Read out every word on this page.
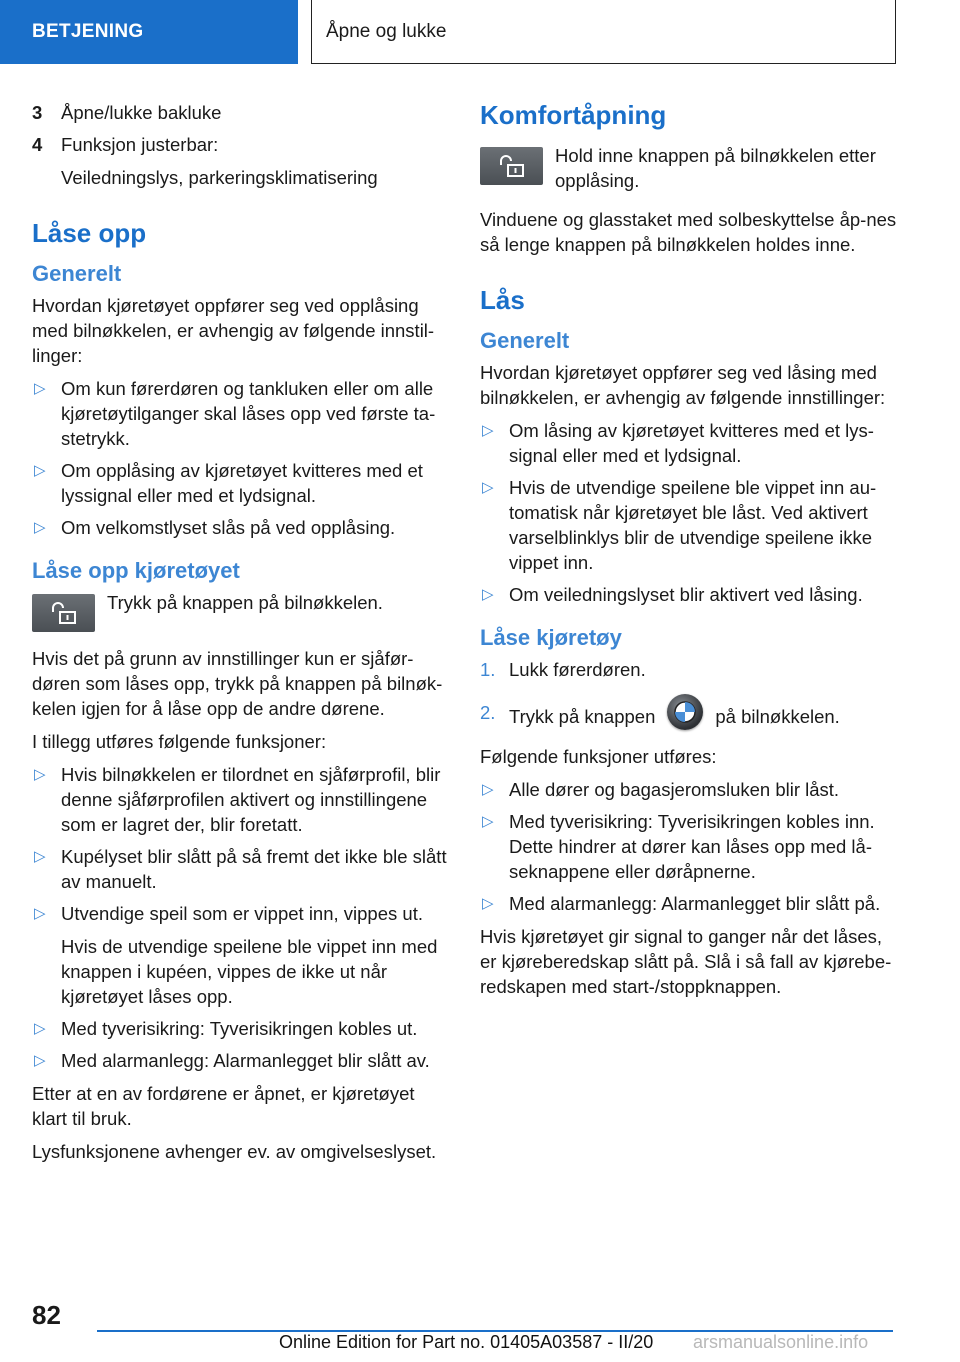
BETJENING	Åpne og lukke
3	Åpne/lukke bakluke
4	Funksjon justerbar:
Veiledningslys, parkeringsklimatisering
Låse opp
Generelt

Hvordan kjøretøyet oppfører seg ved opplåsing med bilnøkkelen, er avhengig av følgende innstil-linger:

▷ Om kun førerdøren og tankluken eller om alle kjøretøytilganger skal låses opp ved første ta-stetrykk.
▷ Om opplåsing av kjøretøyet kvitteres med et lyssignal eller med et lydsignal.
▷ Om velkomstlyset slås på ved opplåsing.
Låse opp kjøretøyet

Trykk på knappen på bilnøkkelen.

Hvis det på grunn av innstillinger kun er sjåfør-døren som låses opp, trykk på knappen på bilnøk-kelen igjen for å låse opp de andre dørene.

I tillegg utføres følgende funksjoner:

▷ Hvis bilnøkkelen er tilordnet en sjåførprofil, blir denne sjåførprofilen aktivert og innstillingene som er lagret der, blir foretatt.
▷ Kupélyset blir slått på så fremt det ikke ble slått av manuelt.
▷ Utvendige speil som er vippet inn, vippes ut.
Hvis de utvendige speilene ble vippet inn med knappen i kupéen, vippes de ikke ut når kjøretøyet låses opp.
▷ Med tyverisikring: Tyverisikringen kobles ut.
▷ Med alarmanlegg: Alarmanlegget blir slått av.

Etter at en av fordørene er åpnet, er kjøretøyet klart til bruk.

Lysfunksjonene avhenger ev. av omgivelseslyset.

Komfortåpning

Hold inne knappen på bilnøkkelen etter opplåsing.

Vinduene og glasstaket med solbeskyttelse åp-nes så lenge knappen på bilnøkkelen holdes inne.

Lås
Generelt

Hvordan kjøretøyet oppfører seg ved låsing med bilnøkkelen, er avhengig av følgende innstillinger:

▷ Om låsing av kjøretøyet kvitteres med et lys-signal eller med et lydsignal.
▷ Hvis de utvendige speilene ble vippet inn au-tomatisk når kjøretøyet ble låst. Ved aktivert varselblinklys blir de utvendige speilene ikke vippet inn.
▷ Om veiledningslyset blir aktivert ved låsing.
Låse kjøretøy
1. Lukk førerdøren.
2. Trykk på knappen	på bilnøkkelen.

Følgende funksjoner utføres:

▷ Alle dører og bagasjeromsluken blir låst.
▷ Med tyverisikring: Tyverisikringen kobles inn. Dette hindrer at dører kan låses opp med lå-seknappene eller døråpnerne.
▷ Med alarmanlegg: Alarmanlegget blir slått på.

Hvis kjøretøyet gir signal to ganger når det låses, er kjøreberedskap slått på. Slå i så fall av kjørebe-redskapen med start-/stoppknappen.

82
Online Edition for Part no. 01405A03587 - II/20 arsmanualsonline.info
